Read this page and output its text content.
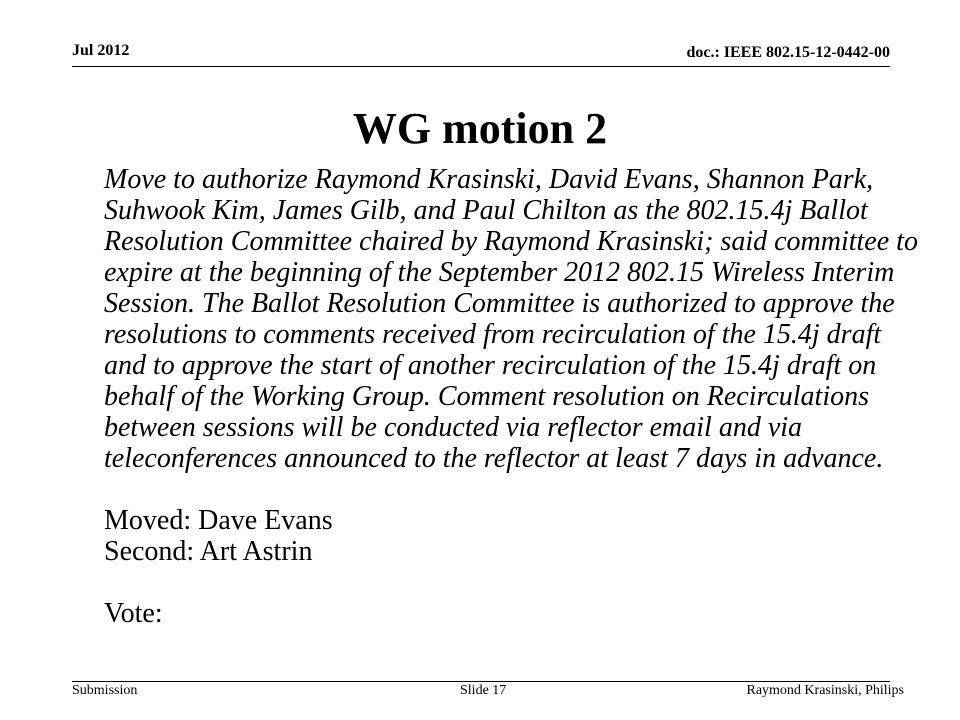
Jul 2012	doc.: IEEE 802.15-12-0442-00
WG motion 2

Move to authorize Raymond Krasinski, David Evans, Shannon Park, Suhwook Kim, James Gilb, and Paul Chilton as the 802.15.4j Ballot Resolution Committee chaired by Raymond Krasinski; said committee to expire at the beginning of the September 2012 802.15 Wireless Interim Session. The Ballot Resolution Committee is authorized to approve the resolutions to comments received from recirculation of the 15.4j draft and to approve the start of another recirculation of the 15.4j draft on behalf of the Working Group. Comment resolution on Recirculations between sessions will be conducted via reflector email and via teleconferences announced to the reflector at least 7 days in advance.

Moved: Dave Evans

Second: Art Astrin

Vote:

Submission	Slide 17	Raymond Krasinski, Philips
